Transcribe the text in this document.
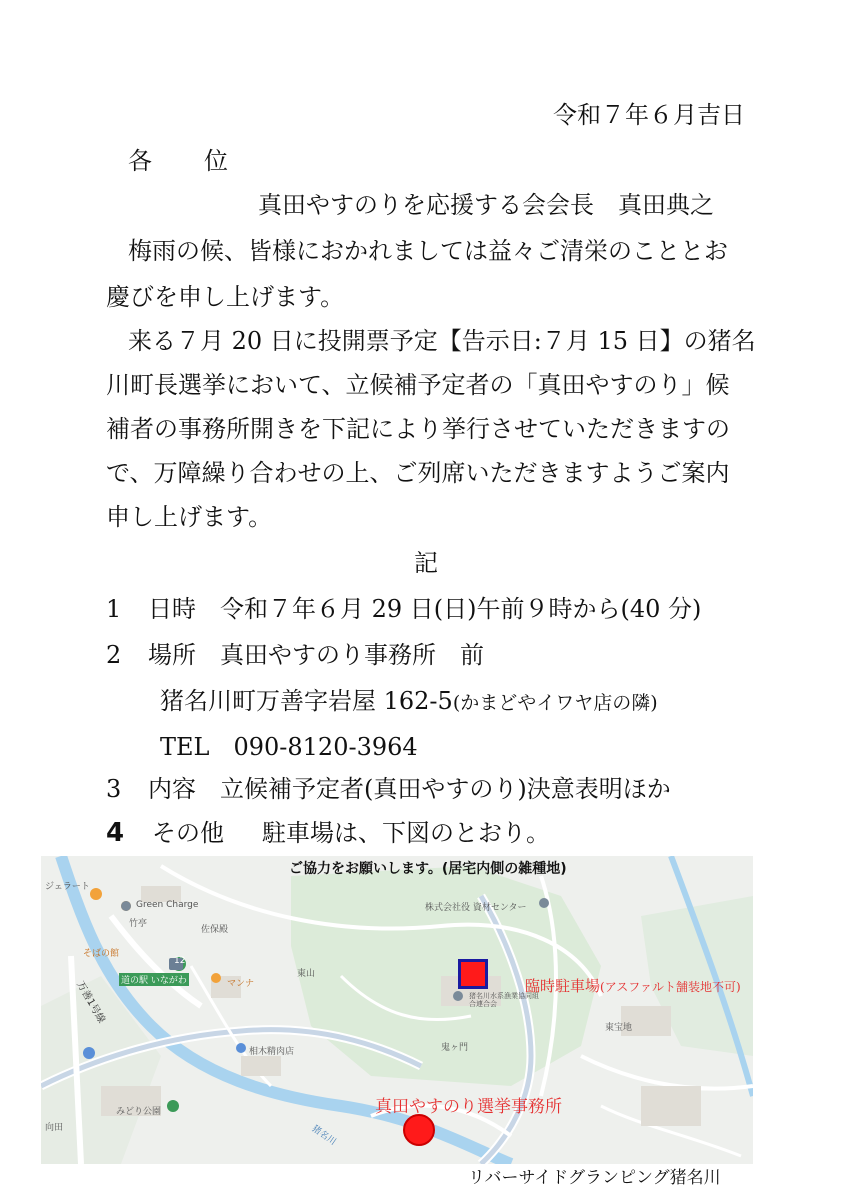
令和７年６月吉日
各　位
真田やすのりを応援する会会長　真田典之
梅雨の候、皆様におかれましては益々ご清栄のこととお
慶びを申し上げます。
来る７月 20 日に投開票予定【告示日:７月 15 日】の猪名
川町長選挙において、立候補予定者の「真田やすのり」候
補者の事務所開きを下記により挙行させていただきますの
で、万障繰り合わせの上、ご列席いただきますようご案内
申し上げます。
記
1 日時 令和７年６月 29 日(日)午前９時から(40 分)
2 場所 真田やすのり事務所　前
猪名川町万善字岩屋 162-5(かまどやイワヤ店の隣)
TEL　 090-8120-3964
3 内容 立候補予定者(真田やすのり)決意表明ほか
4 その他 駐車場は、下図のとおり。
ご協力をお願いします。(居宅内側の雑種地)
ジェラート
Green Charge
竹亭
佐保殿
そばの館
道の駅 いながわ
12
マンナ
万善1号線
相木精肉店
みどり公園
株式会社役 資材センター
東宝地
向田
鬼ヶ門
東山
猪名川水系漁業協同組合連合会
猪名川
臨時駐車場(アスファルト舗装地不可)
真田やすのり選挙事務所
リバーサイドグランピング猪名川
